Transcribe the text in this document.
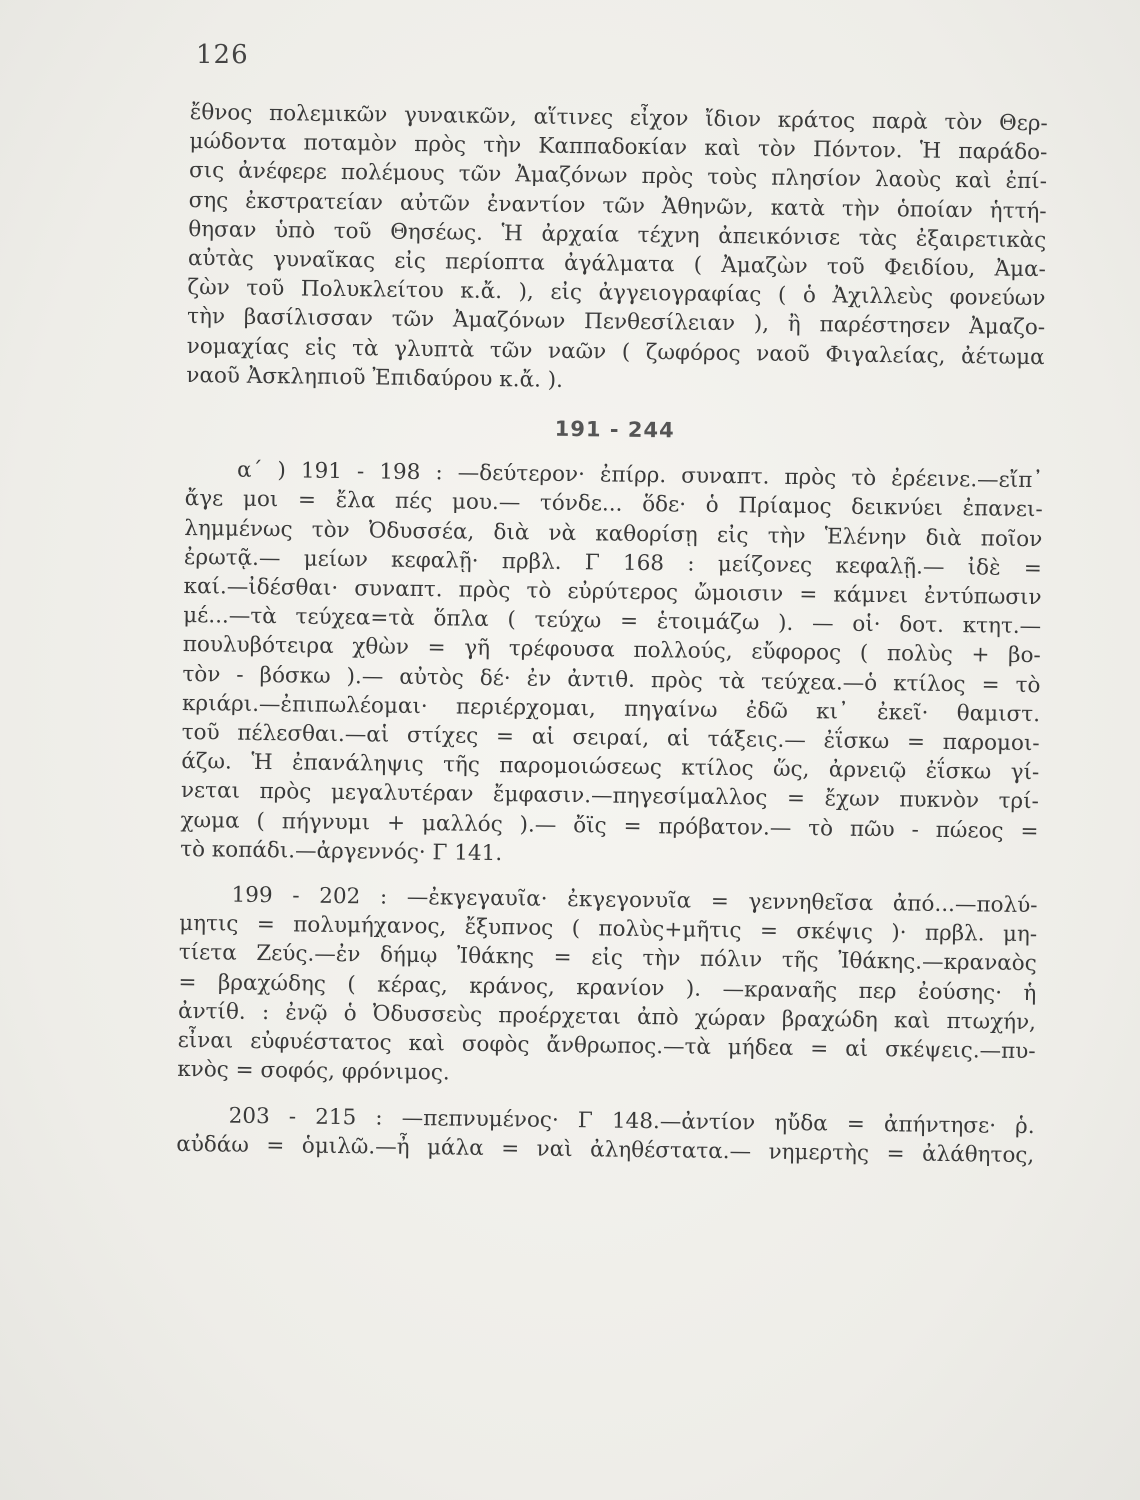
126
ἔθνος πολεμικῶν γυναικῶν, αἵτινες εἶχον ἴδιον κράτος παρὰ τὸν Θερ-
μώδοντα ποταμὸν πρὸς τὴν Καππαδοκίαν καὶ τὸν Πόντον. Ἡ παράδο-
σις ἀνέφερε πολέμους τῶν Ἀμαζόνων πρὸς τοὺς πλησίον λαοὺς καὶ ἐπί-
σης ἐκστρατείαν αὐτῶν ἐναντίον τῶν Ἀθηνῶν, κατὰ τὴν ὁποίαν ἡττή-
θησαν ὑπὸ τοῦ Θησέως. Ἡ ἀρχαία τέχνη ἀπεικόνισε τὰς ἐξαιρετικὰς
αὐτὰς γυναῖκας εἰς περίοπτα ἀγάλματα ( Ἀμαζὼν τοῦ Φειδίου, Ἀμα-
ζὼν τοῦ Πολυκλείτου κ.ἄ. ), εἰς ἀγγειογραφίας ( ὁ Ἀχιλλεὺς φονεύων
τὴν βασίλισσαν τῶν Ἀμαζόνων Πενθεσίλειαν ), ἢ παρέστησεν Ἀμαζο-
νομαχίας εἰς τὰ γλυπτὰ τῶν ναῶν ( ζωφόρος ναοῦ Φιγαλείας, ἀέτωμα
ναοῦ Ἀσκληπιοῦ Ἐπιδαύρου κ.ἄ. ).
191 - 244
α΄ ) 191 - 198 : —δεύτερον· ἐπίρρ. συναπτ. πρὸς τὸ ἐρέεινε.—εἴπ᾽
ἄγε μοι = ἔλα πές μου.— τόνδε... ὅδε· ὁ Πρίαμος δεικνύει ἐπανει-
λημμένως τὸν Ὀδυσσέα, διὰ νὰ καθορίσῃ εἰς τὴν Ἑλένην διὰ ποῖον
ἐρωτᾷ.— μείων κεφαλῇ· πρβλ. Γ 168 : μείζονες κεφαλῇ.— ἰδὲ =
καί.—ἰδέσθαι· συναπτ. πρὸς τὸ εὐρύτερος ὤμοισιν = κάμνει ἐντύπωσιν
μέ...—τὰ τεύχεα=τὰ ὅπλα ( τεύχω = ἑτοιμάζω ). — οἱ· δοτ. κτητ.—
πουλυβότειρα χθὼν = γῆ τρέφουσα πολλούς, εὔφορος ( πολὺς + βο-
τὸν - βόσκω ).— αὐτὸς δέ· ἐν ἀντιθ. πρὸς τὰ τεύχεα.—ὁ κτίλος = τὸ
κριάρι.—ἐπιπωλέομαι· περιέρχομαι, πηγαίνω ἐδῶ κι᾽ ἐκεῖ· θαμιστ.
τοῦ πέλεσθαι.—αἱ στίχες = αἱ σειραί, αἱ τάξεις.— ἐΐσκω = παρομοι-
άζω. Ἡ ἐπανάληψις τῆς παρομοιώσεως κτίλος ὥς, ἀρνειῷ ἐΐσκω γί-
νεται πρὸς μεγαλυτέραν ἔμφασιν.—πηγεσίμαλλος = ἔχων πυκνὸν τρί-
χωμα ( πήγνυμι + μαλλός ).— ὄϊς = πρόβατον.— τὸ πῶυ - πώεος =
τὸ κοπάδι.—ἀργεννός· Γ 141.
199 - 202 : —ἐκγεγαυῖα· ἐκγεγονυῖα = γεννηθεῖσα ἀπό...—πολύ-
μητις = πολυμήχανος, ἔξυπνος ( πολὺς+μῆτις = σκέψις )· πρβλ. μη-
τίετα Ζεύς.—ἐν δήμῳ Ἰθάκης = εἰς τὴν πόλιν τῆς Ἰθάκης.—κραναὸς
= βραχώδης ( κέρας, κράνος, κρανίον ). —κραναῆς περ ἐούσης· ἡ
ἀντίθ. : ἐνῷ ὁ Ὀδυσσεὺς προέρχεται ἀπὸ χώραν βραχώδη καὶ πτωχήν,
εἶναι εὐφυέστατος καὶ σοφὸς ἄνθρωπος.—τὰ μήδεα = αἱ σκέψεις.—πυ-
κνὸς = σοφός, φρόνιμος.
203 - 215 : —πεπνυμένος· Γ 148.—ἀντίον ηὔδα = ἀπήντησε· ῥ.
αὐδάω = ὁμιλῶ.—ἦ μάλα = ναὶ ἀληθέστατα.— νημερτὴς = ἀλάθητος,
